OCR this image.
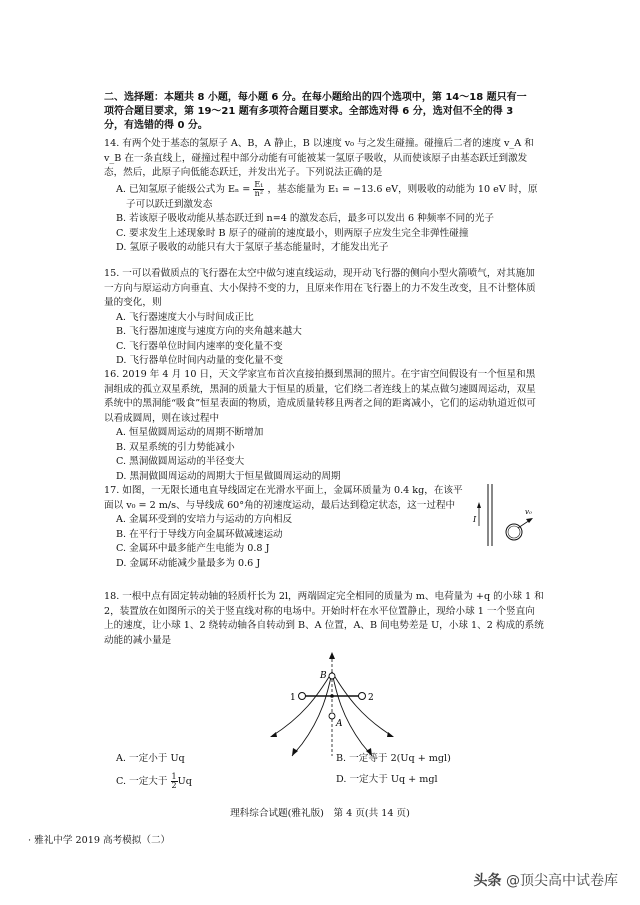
二、选择题：本题共 8 小题，每小题 6 分。在每小题给出的四个选项中，第 14～18 题只有一项符合题目要求，第 19～21 题有多项符合题目要求。全部选对得 6 分，选对但不全的得 3 分，有选错的得 0 分。
14. 有两个处于基态的氢原子 A、B，A 静止，B 以速度 v₀ 与之发生碰撞。碰撞后二者的速度 v_A 和 v_B 在一条直线上，碰撞过程中部分动能有可能被某一氢原子吸收，从而使该原子由基态跃迁到激发态，然后，此原子向低能态跃迁，并发出光子。下列说法正确的是
A. 已知氢原子能级公式为 $E_n = \frac{\text{E₁}}{\text{n²}}$ ，基态能量为 E₁ = −13.6 eV，则吸收的动能为 10 eV 时，原
子可以跃迁到激发态
B. 若该原子吸收动能从基态跃迁到 n=4 的激发态后，最多可以发出 6 种频率不同的光子
C. 要求发生上述现象时 B 原子的碰前的速度最小，则两原子应发生完全非弹性碰撞
D. 氢原子吸收的动能只有大于氢原子基态能量时，才能发出光子
15. 一可以看做质点的飞行器在太空中做匀速直线运动，现开动飞行器的侧向小型火箭喷气，对其施加一方向与原运动方向垂直、大小保持不变的力，且原来作用在飞行器上的力不发生改变，且不计整体质量的变化，则
A. 飞行器速度大小与时间成正比
B. 飞行器加速度与速度方向的夹角越来越大
C. 飞行器单位时间内速率的变化量不变
D. 飞行器单位时间内动量的变化量不变
16. 2019 年 4 月 10 日，天文学家宣布首次直接拍摄到黑洞的照片。在宇宙空间假设有一个恒星和黑洞组成的孤立双星系统，黑洞的质量大于恒星的质量，它们绕二者连线上的某点做匀速圆周运动，双星系统中的黑洞能“吸食”恒星表面的物质，造成质量转移且两者之间的距离减小，它们的运动轨道近似可以看成圆周，则在该过程中
A. 恒星做圆周运动的周期不断增加
B. 双星系统的引力势能减小
C. 黑洞做圆周运动的半径变大
D. 黑洞做圆周运动的周期大于恒星做圆周运动的周期
17. 如图，一无限长通电直导线固定在光滑水平面上，金属环质量为 0.4 kg，在该平面以 v₀ = 2 m/s、与导线成 60°角的初速度运动，最后达到稳定状态，这一过程中
A. 金属环受到的安培力与运动的方向相反
B. 在平行于导线方向金属环做减速运动
C. 金属环中最多能产生电能为 0.8 J
D. 金属环动能减少量最多为 0.6 J
I
v₀
18. 一根中点有固定转动轴的轻质杆长为 2l，两端固定完全相同的质量为 m、电荷量为 +q 的小球 1 和 2，装置放在如图所示的关于竖直线对称的电场中。开始时杆在水平位置静止，现给小球 1 一个竖直向上的速度，让小球 1、2 绕转动轴各自转动到 B、A 位置，A、B 间电势差是 U，小球 1、2 构成的系统动能的减小量是
B
A
1	2
A. 一定小于 Uq	B. 一定等于 2(Uq + mgl)
C. 一定大于 $\frac{1}{2}$ Uq	D. 一定大于 Uq + mgl
理科综合试题(雅礼版)　第 4 页(共 14 页)
· 雅礼中学 2019 高考模拟（二）
头条 @顶尖高中试卷库
